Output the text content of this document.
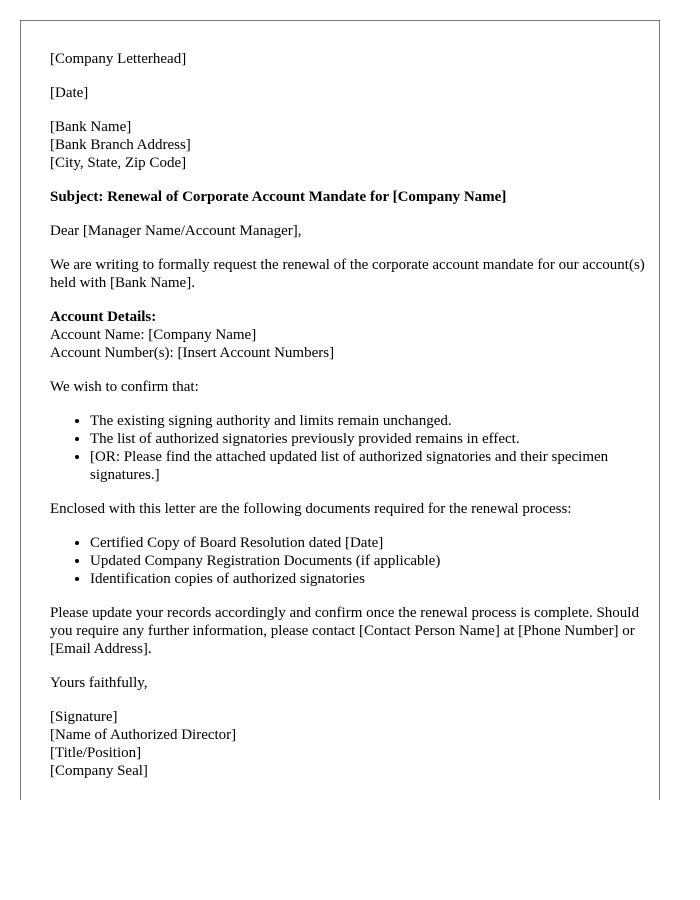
[Company Letterhead]

[Date]

[Bank Name]
[Bank Branch Address]
[City, State, Zip Code]

Subject: Renewal of Corporate Account Mandate for [Company Name]

Dear [Manager Name/Account Manager],

We are writing to formally request the renewal of the corporate account mandate for our account(s) held with [Bank Name].

Account Details:
Account Name: [Company Name]
Account Number(s): [Insert Account Numbers]

We wish to confirm that:

• The existing signing authority and limits remain unchanged.
• The list of authorized signatories previously provided remains in effect.
• [OR: Please find the attached updated list of authorized signatories and their specimen signatures.]

Enclosed with this letter are the following documents required for the renewal process:

• Certified Copy of Board Resolution dated [Date]
• Updated Company Registration Documents (if applicable)
• Identification copies of authorized signatories

Please update your records accordingly and confirm once the renewal process is complete. Should you require any further information, please contact [Contact Person Name] at [Phone Number] or [Email Address].

Yours faithfully,

[Signature]
[Name of Authorized Director]
[Title/Position]
[Company Seal]
